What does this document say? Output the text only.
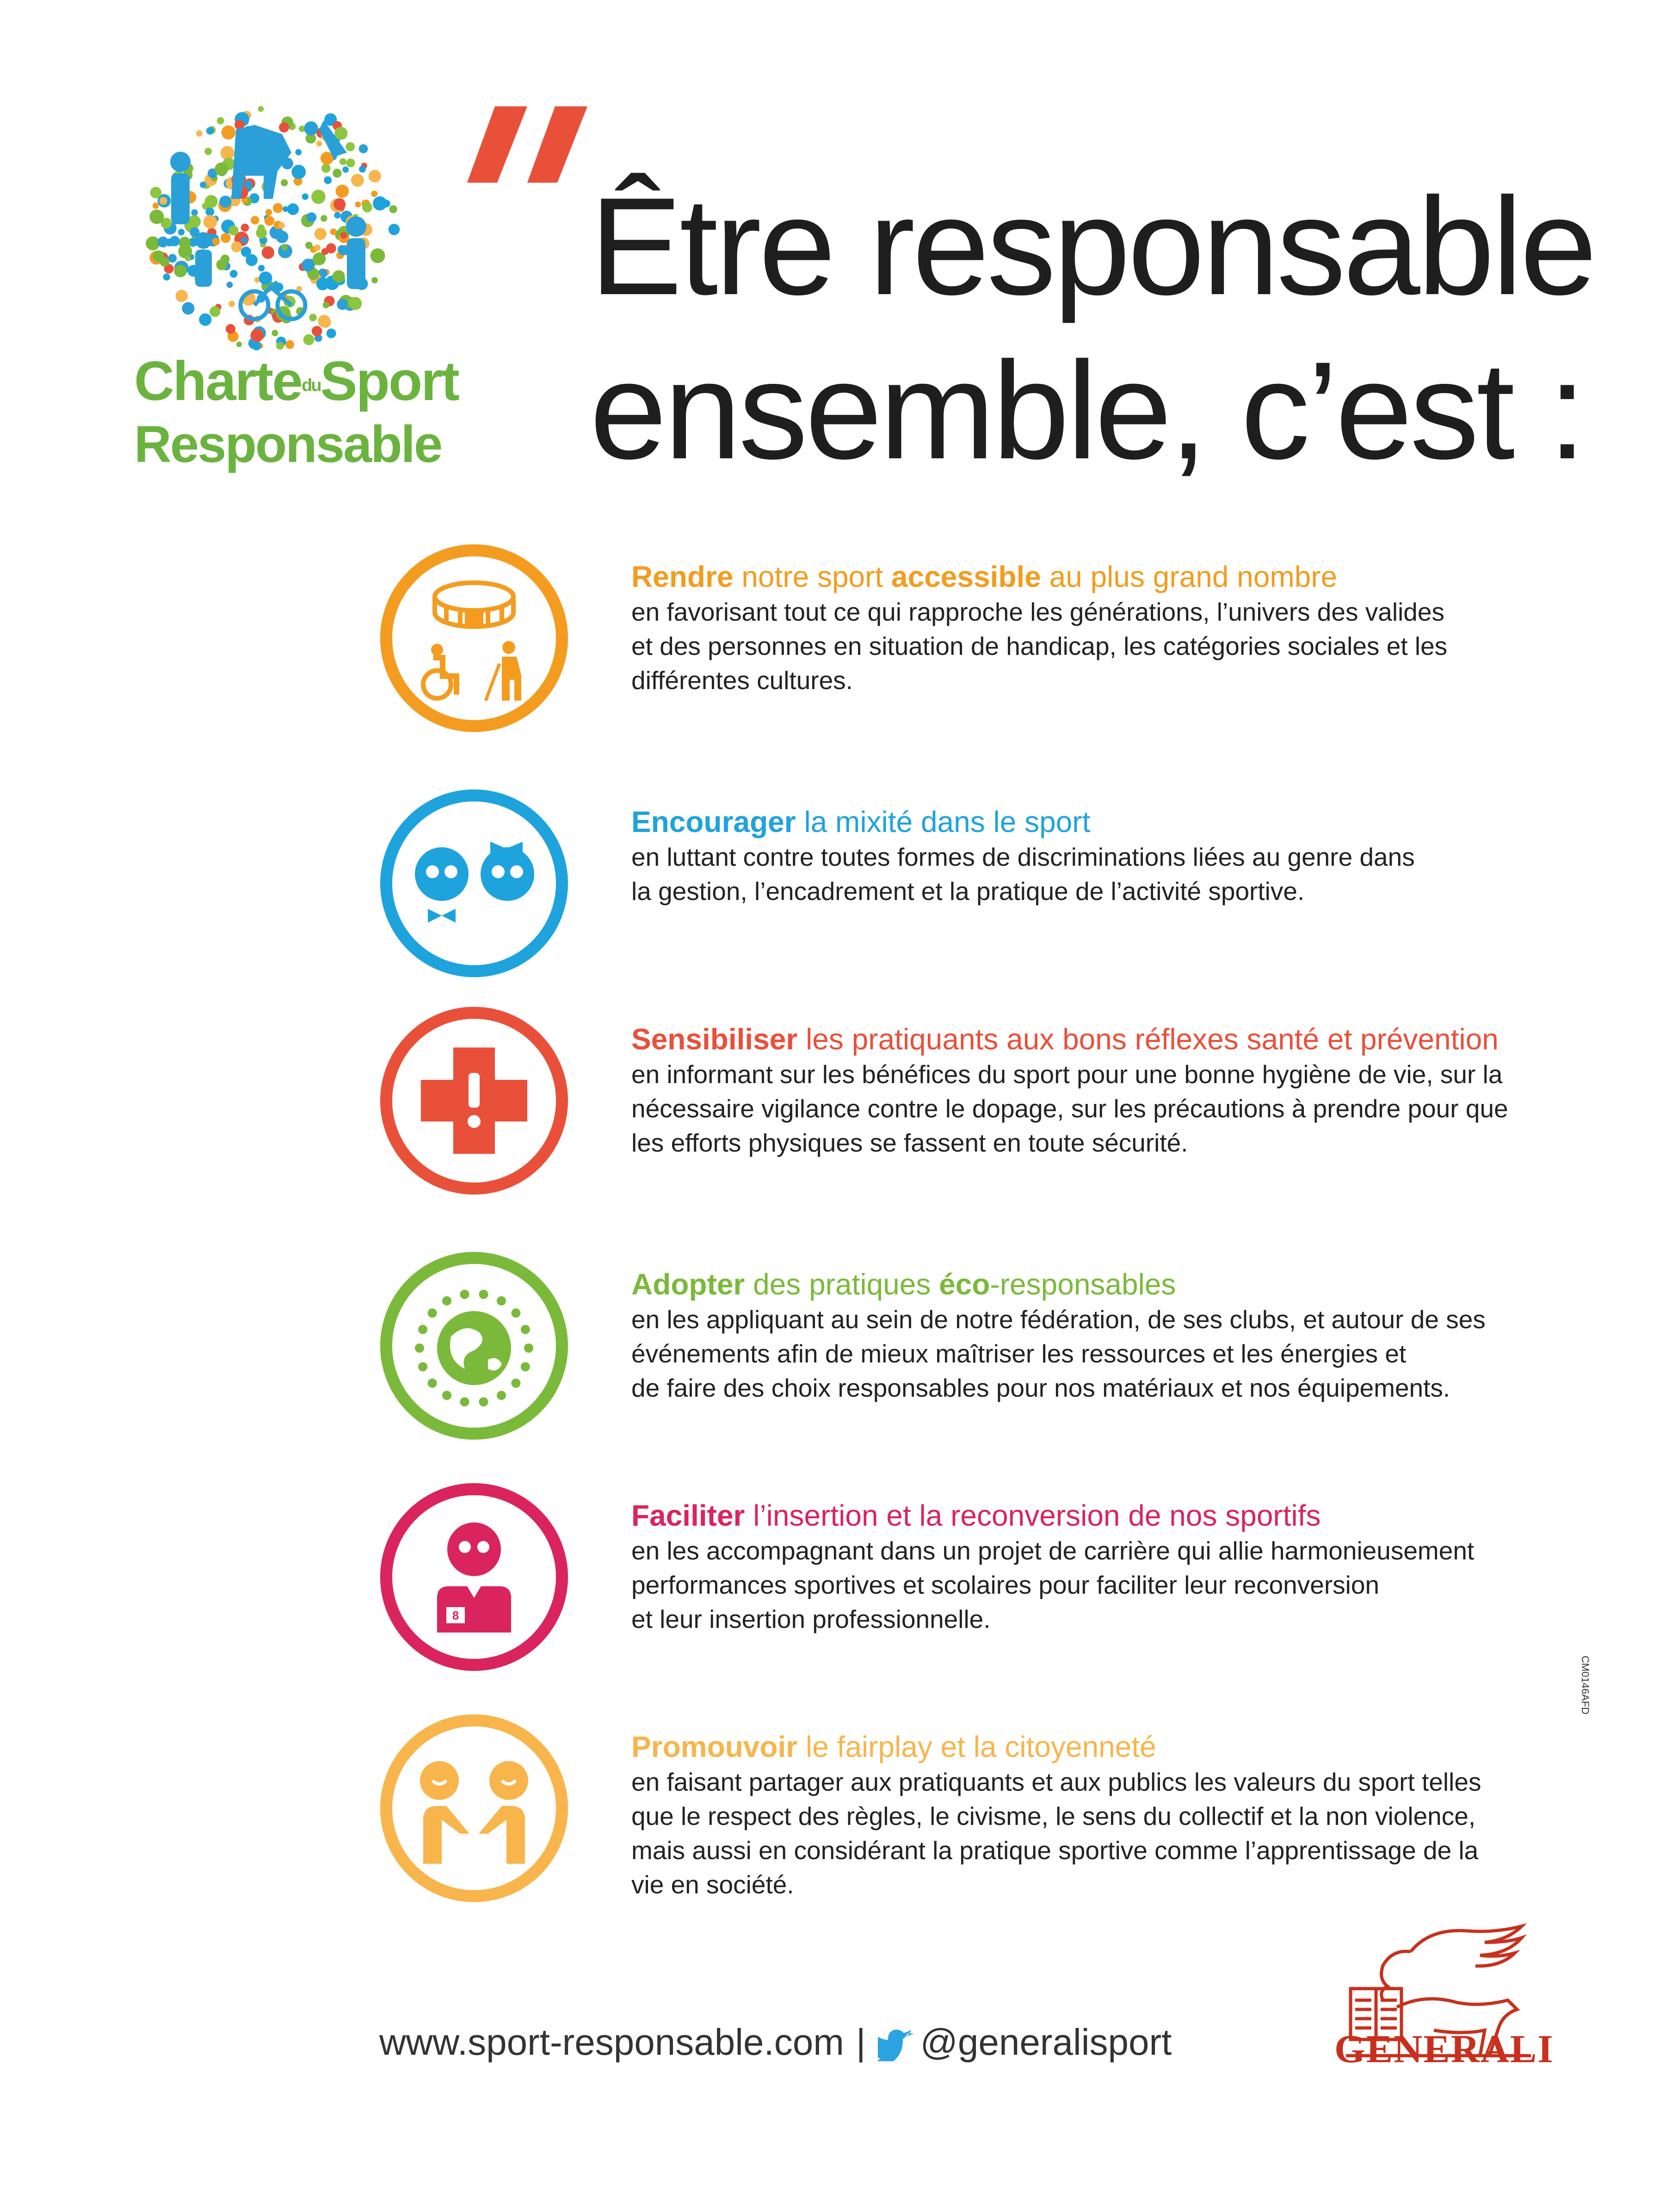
CharteduSport
Responsable
Être responsable
ensemble, c’est :
Rendre notre sport accessible au plus grand nombre
en favorisant tout ce qui rapproche les générations, l’univers des valides
et des personnes en situation de handicap, les catégories sociales et les
différentes cultures.
Encourager la mixité dans le sport
en luttant contre toutes formes de discriminations liées au genre dans
la gestion, l’encadrement et la pratique de l’activité sportive.
Sensibiliser les pratiquants aux bons réflexes santé et prévention
en informant sur les bénéfices du sport pour une bonne hygiène de vie, sur la
nécessaire vigilance contre le dopage, sur les précautions à prendre pour que
les efforts physiques se fassent en toute sécurité.
Adopter des pratiques éco-responsables
en les appliquant au sein de notre fédération, de ses clubs, et autour de ses
événements afin de mieux maîtriser les ressources et les énergies et
de faire des choix responsables pour nos matériaux et nos équipements.
8
Faciliter l’insertion et la reconversion de nos sportifs
en les accompagnant dans un projet de carrière qui allie harmonieusement
performances sportives et scolaires pour faciliter leur reconversion
et leur insertion professionnelle.
Promouvoir le fairplay et la citoyenneté
en faisant partager aux pratiquants et aux publics les valeurs du sport telles
que le respect des règles, le civisme, le sens du collectif et la non violence,
mais aussi en considérant la pratique sportive comme l’apprentissage de la
vie en société.
CM0146AFD
GENERALI
www.sport-responsable.com | @generalisport
